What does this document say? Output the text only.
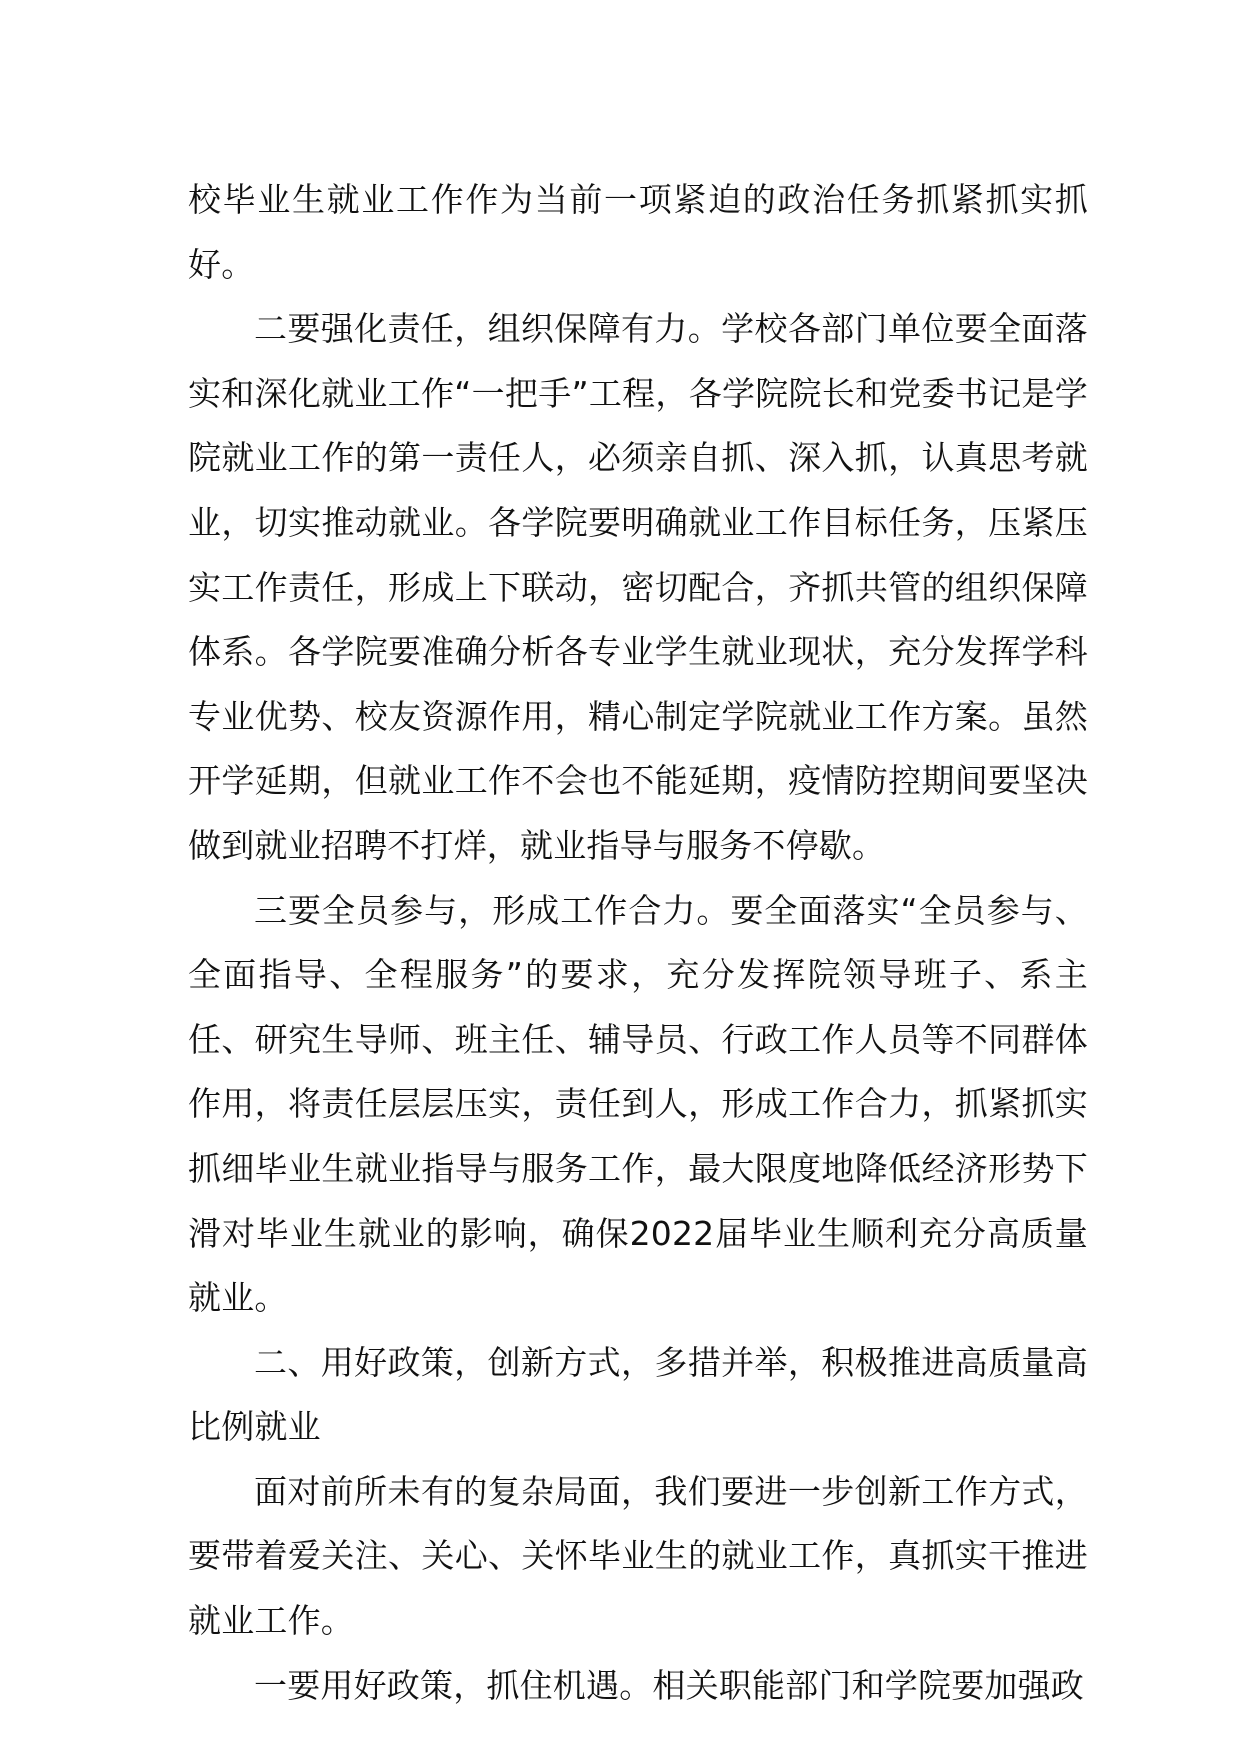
校毕业生就业工作作为当前一项紧迫的政治任务抓紧抓实抓好。

二要强化责任，组织保障有力。学校各部门单位要全面落实和深化就业工作“一把手”工程，各学院院长和党委书记是学院就业工作的第一责任人，必须亲自抓、深入抓，认真思考就业，切实推动就业。各学院要明确就业工作目标任务，压紧压实工作责任，形成上下联动，密切配合，齐抓共管的组织保障体系。各学院要准确分析各专业学生就业现状，充分发挥学科专业优势、校友资源作用，精心制定学院就业工作方案。虽然开学延期，但就业工作不会也不能延期，疫情防控期间要坚决做到就业招聘不打烊，就业指导与服务不停歇。

三要全员参与，形成工作合力。要全面落实“全员参与、全面指导、全程服务”的要求，充分发挥院领导班子、系主任、研究生导师、班主任、辅导员、行政工作人员等不同群体作用，将责任层层压实，责任到人，形成工作合力，抓紧抓实抓细毕业生就业指导与服务工作，最大限度地降低经济形势下滑对毕业生就业的影响，确保2022届毕业生顺利充分高质量就业。

二、用好政策，创新方式，多措并举，积极推进高质量高比例就业

面对前所未有的复杂局面，我们要进一步创新工作方式，要带着爱关注、关心、关怀毕业生的就业工作，真抓实干推进就业工作。

一要用好政策，抓住机遇。相关职能部门和学院要加强政
